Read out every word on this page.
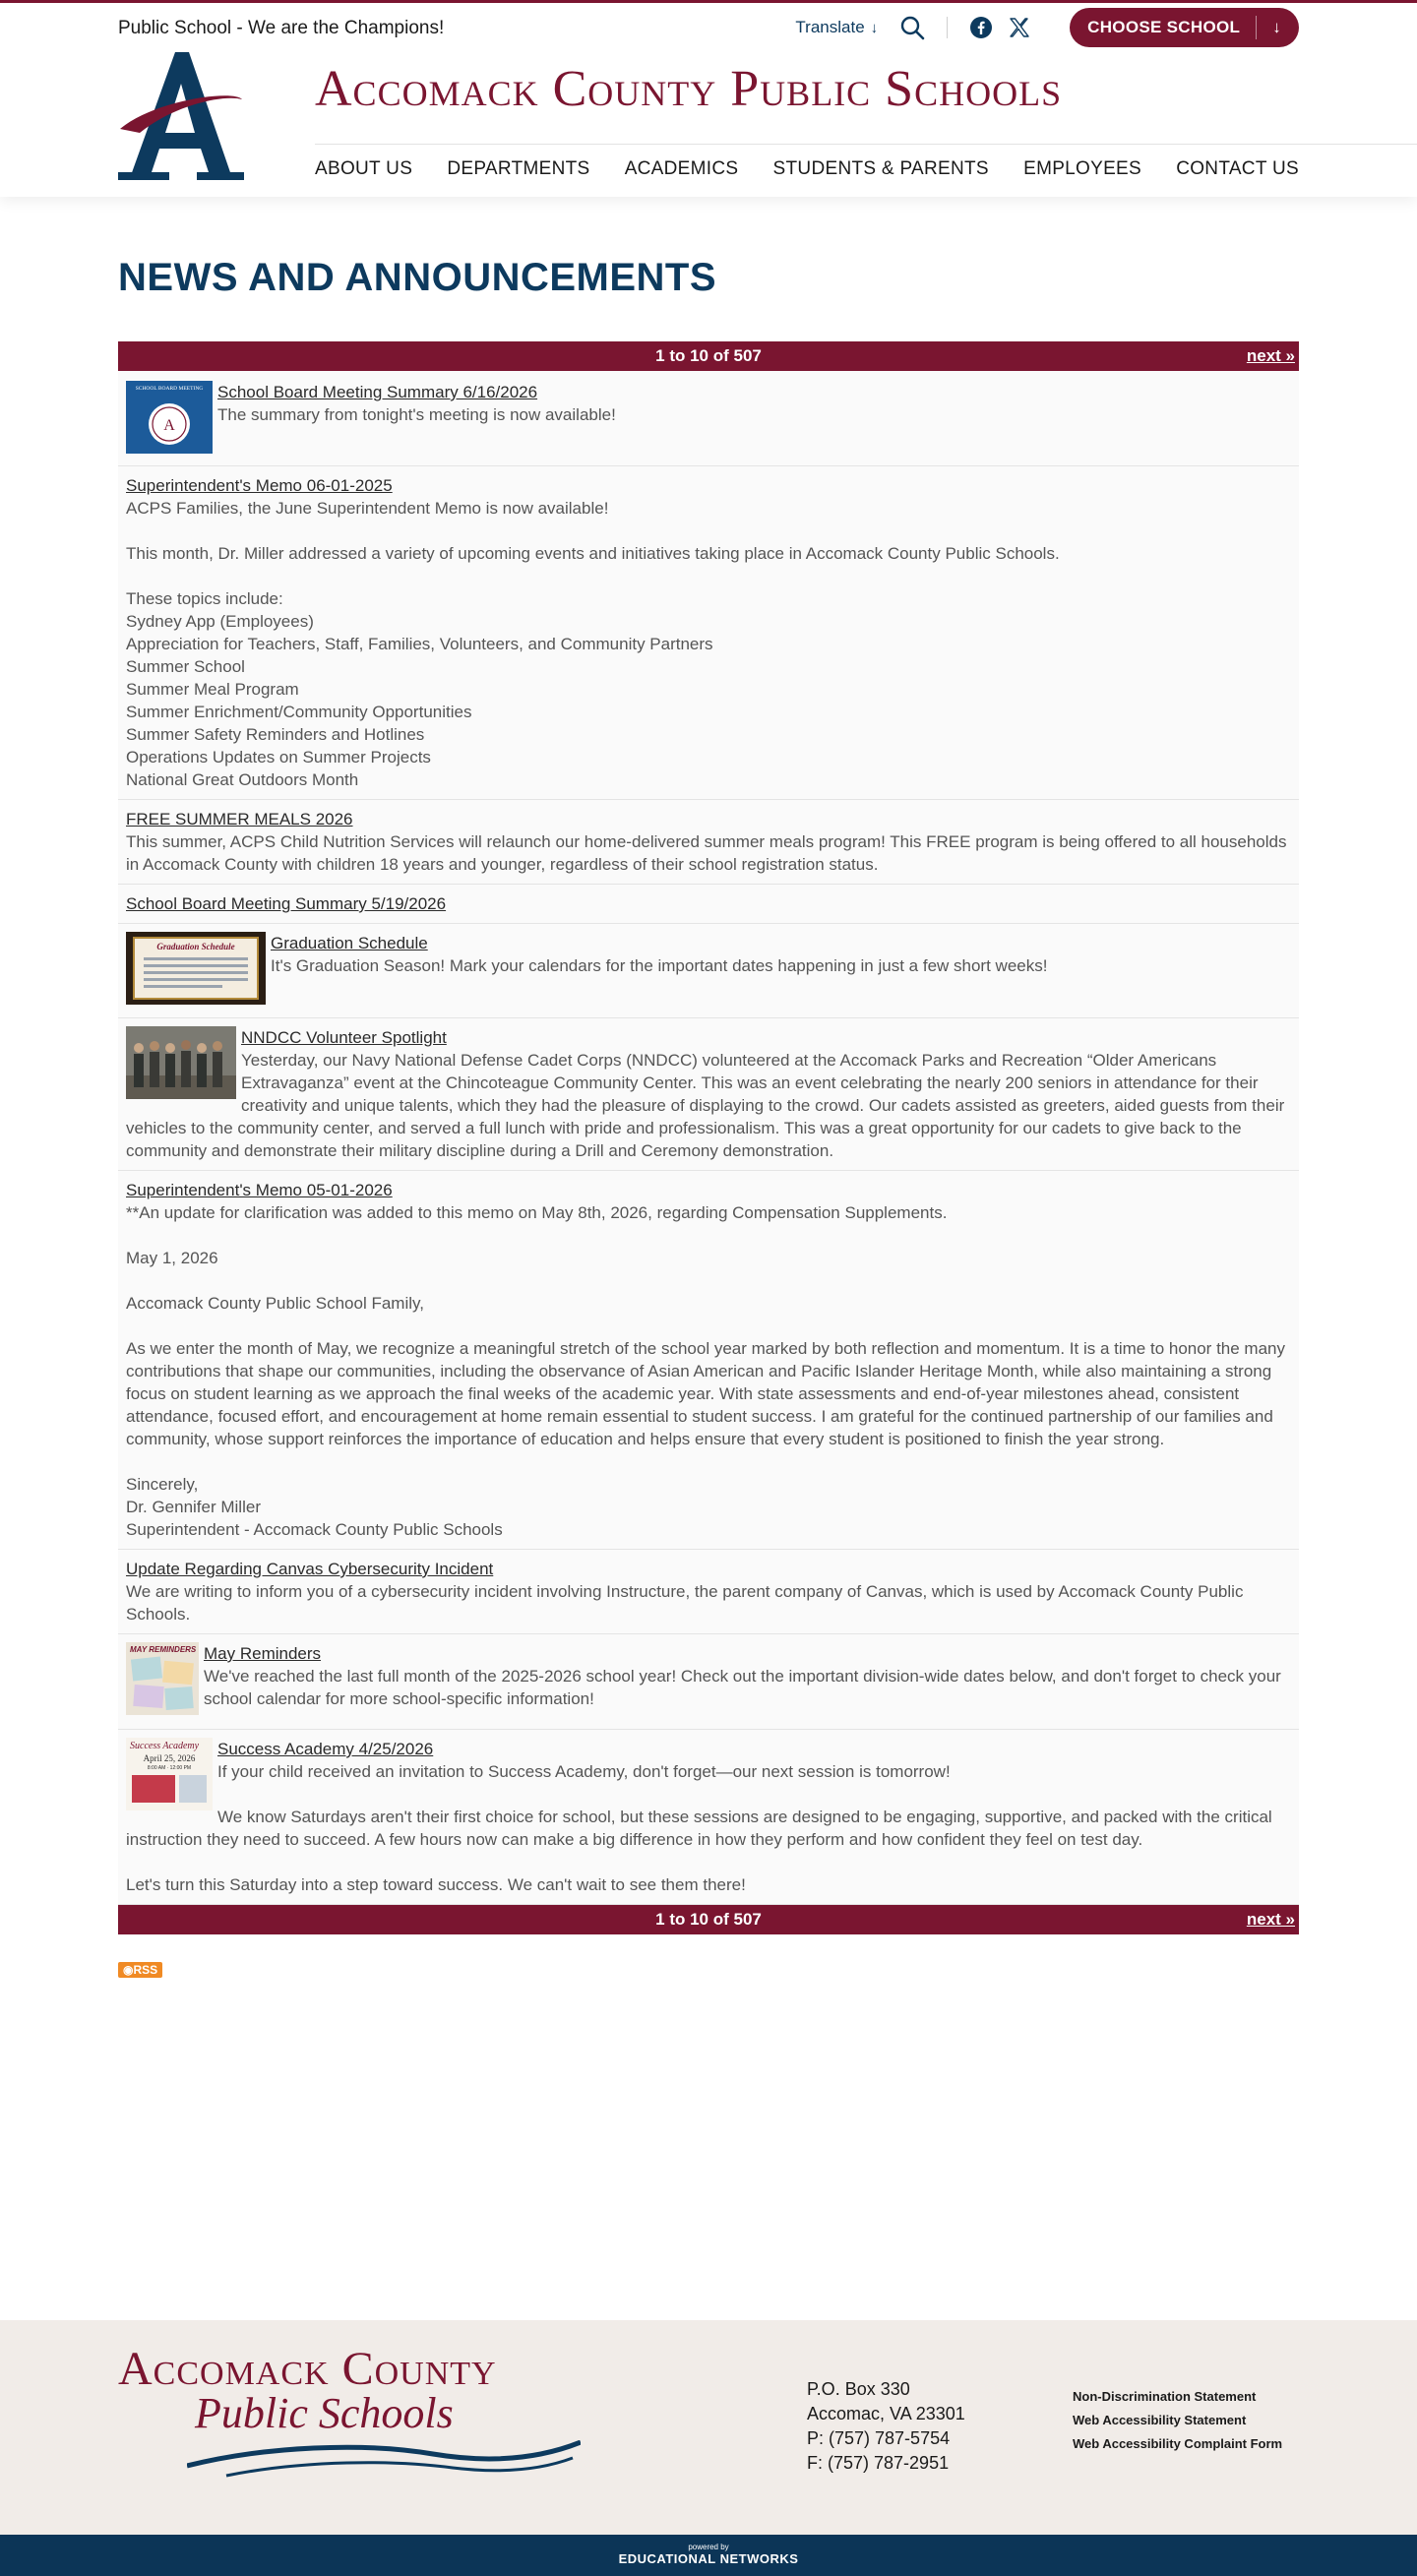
Public School - We are the Champions!	Translate ↓	CHOOSE SCHOOL ↓
Accomack County Public Schools
ABOUT US DEPARTMENTS ACADEMICS STUDENTS & PARENTS EMPLOYEES CONTACT US
NEWS AND ANNOUNCEMENTS
1 to 10 of 507	next »
SCHOOL BOARD MEETING
A
School Board Meeting Summary 6/16/2026

The summary from tonight's meeting is now available!

Superintendent's Memo 06-01-2025

ACPS Families, the June Superintendent Memo is now available!

This month, Dr. Miller addressed a variety of upcoming events and initiatives taking place in Accomack County Public Schools.

These topics include:
Sydney App (Employees)
Appreciation for Teachers, Staff, Families, Volunteers, and Community Partners
Summer School
Summer Meal Program
Summer Enrichment/Community Opportunities
Summer Safety Reminders and Hotlines
Operations Updates on Summer Projects
National Great Outdoors Month

FREE SUMMER MEALS 2026

This summer, ACPS Child Nutrition Services will relaunch our home-delivered summer meals program! This FREE program is being offered to all households in Accomack County with children 18 years and younger, regardless of their school registration status.

School Board Meeting Summary 5/19/2026
Graduation Schedule	Graduation Schedule

It's Graduation Season! Mark your calendars for the important dates happening in just a few short weeks!

NNDCC Volunteer Spotlight

Yesterday, our Navy National Defense Cadet Corps (NNDCC) volunteered at the Accomack Parks and Recreation “Older Americans Extravaganza” event at the Chincoteague Community Center. This was an event celebrating the nearly 200 seniors in attendance for their creativity and unique talents, which they had the pleasure of displaying to the crowd. Our cadets assisted as greeters, aided guests from their vehicles to the community center, and served a full lunch with pride and professionalism. This was a great opportunity for our cadets to give back to the community and demonstrate their military discipline during a Drill and Ceremony demonstration.

Superintendent's Memo 05-01-2026

**An update for clarification was added to this memo on May 8th, 2026, regarding Compensation Supplements.

May 1, 2026

Accomack County Public School Family,

As we enter the month of May, we recognize a meaningful stretch of the school year marked by both reflection and momentum. It is a time to honor the many contributions that shape our communities, including the observance of Asian American and Pacific Islander Heritage Month, while also maintaining a strong focus on student learning as we approach the final weeks of the academic year. With state assessments and end-of-year milestones ahead, consistent attendance, focused effort, and encouragement at home remain essential to student success. I am grateful for the continued partnership of our families and community, whose support reinforces the importance of education and helps ensure that every student is positioned to finish the year strong.

Sincerely,
Dr. Gennifer Miller
Superintendent - Accomack County Public Schools

Update Regarding Canvas Cybersecurity Incident

We are writing to inform you of a cybersecurity incident involving Instructure, the parent company of Canvas, which is used by Accomack County Public Schools.

MAY REMINDERS May Reminders

We've reached the last full month of the 2025-2026 school year! Check out the important division-wide dates below, and don't forget to check your school calendar for more school-specific information!

Success Academy
April 25, 2026
8:00 AM · 12:00 PM
Success Academy 4/25/2026

If your child received an invitation to Success Academy, don't forget—our next session is tomorrow!

We know Saturdays aren't their first choice for school, but these sessions are designed to be engaging, supportive, and packed with the critical instruction they need to succeed. A few hours now can make a big difference in how they perform and how confident they feel on test day.

Let's turn this Saturday into a step toward success. We can't wait to see them there!

1 to 10 of 507	next »
◉RSS
Accomack County
Public Schools	P.O. Box 330
Accomac, VA 23301
P: (757) 787-5754
F: (757) 787-2951
Non-Discrimination Statement
Web Accessibility Statement
Web Accessibility Complaint Form
powered by
EDUCATIONAL NETWORKS
